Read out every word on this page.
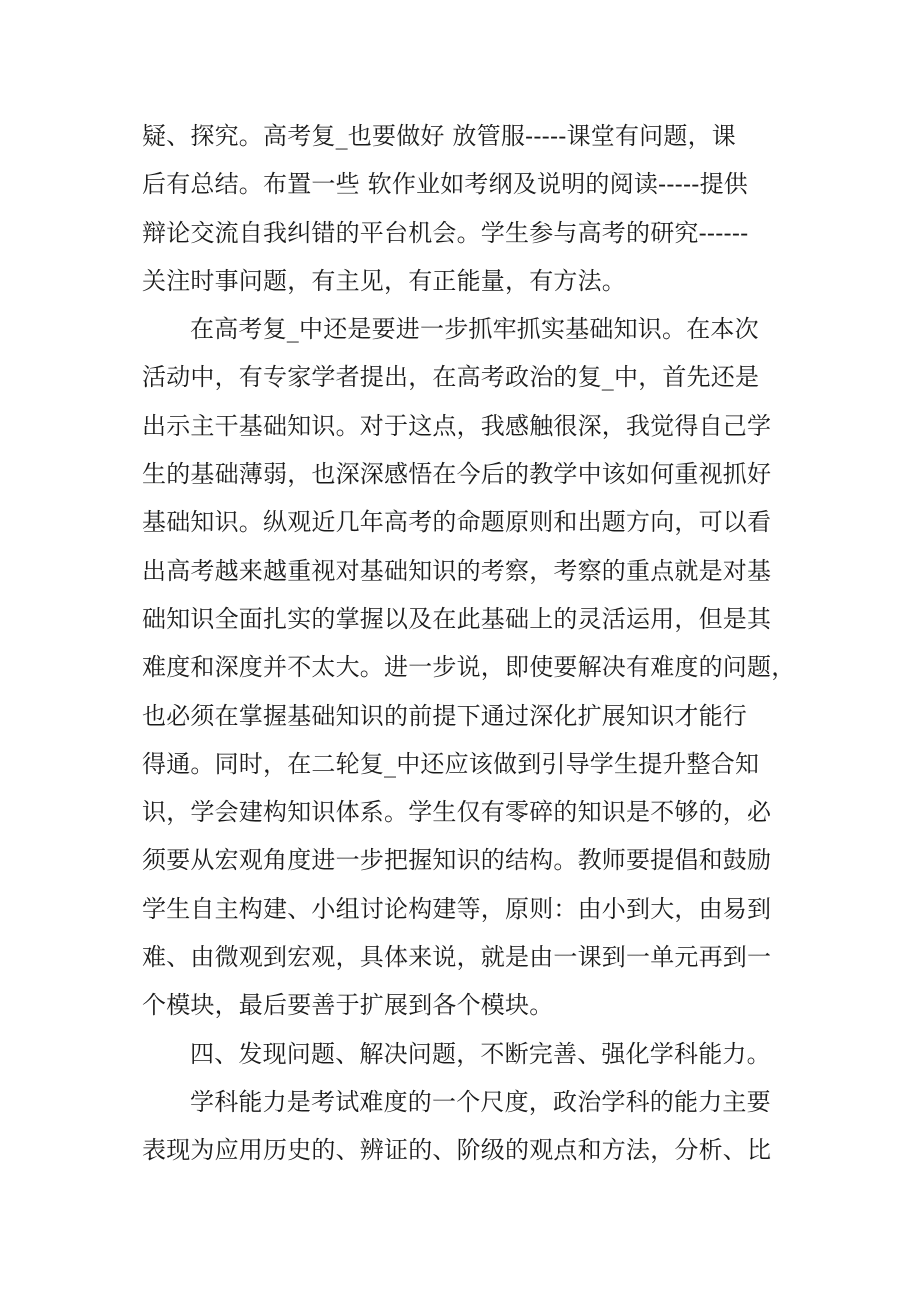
疑、探究。高考复_也要做好 放管服-----课堂有问题，课
后有总结。布置一些 软作业如考纲及说明的阅读-----提供
辩论交流自我纠错的平台机会。学生参与高考的研究------
关注时事问题，有主见，有正能量，有方法。
在高考复_中还是要进一步抓牢抓实基础知识。在本次
活动中，有专家学者提出，在高考政治的复_中，首先还是
出示主干基础知识。对于这点，我感触很深，我觉得自己学
生的基础薄弱，也深深感悟在今后的教学中该如何重视抓好
基础知识。纵观近几年高考的命题原则和出题方向，可以看
出高考越来越重视对基础知识的考察，考察的重点就是对基
础知识全面扎实的掌握以及在此基础上的灵活运用，但是其
难度和深度并不太大。进一步说，即使要解决有难度的问题，
也必须在掌握基础知识的前提下通过深化扩展知识才能行
得通。同时，在二轮复_中还应该做到引导学生提升整合知
识，学会建构知识体系。学生仅有零碎的知识是不够的，必
须要从宏观角度进一步把握知识的结构。教师要提倡和鼓励
学生自主构建、小组讨论构建等，原则：由小到大，由易到
难、由微观到宏观，具体来说，就是由一课到一单元再到一
个模块，最后要善于扩展到各个模块。
四、发现问题、解决问题，不断完善、强化学科能力。
学科能力是考试难度的一个尺度，政治学科的能力主要
表现为应用历史的、辨证的、阶级的观点和方法，分析、比
